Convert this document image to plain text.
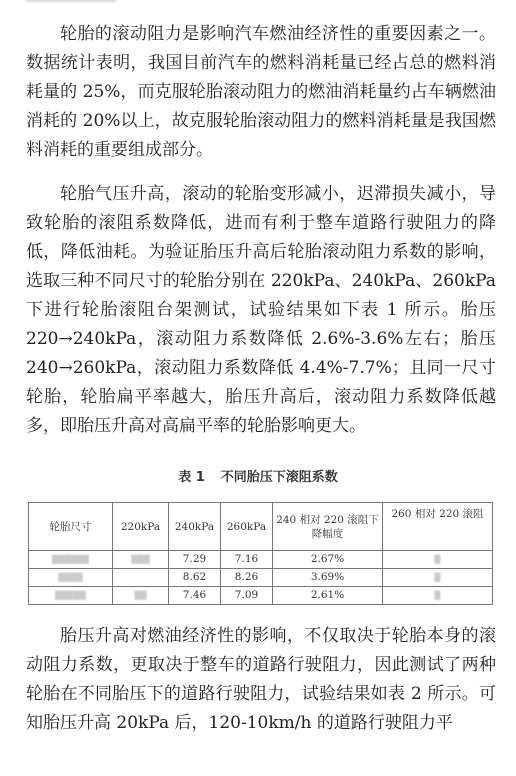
轮胎的滚动阻力是影响汽车燃油经济性的重要因素之一。数据统计表明，我国目前汽车的燃料消耗量已经占总的燃料消耗量的 25%，而克服轮胎滚动阻力的燃油消耗量约占车辆燃油消耗的 20%以上，故克服轮胎滚动阻力的燃料消耗量是我国燃料消耗的重要组成部分。

轮胎气压升高，滚动的轮胎变形减小，迟滞损失减小，导致轮胎的滚阻系数降低，进而有利于整车道路行驶阻力的降低，降低油耗。为验证胎压升高后轮胎滚动阻力系数的影响，选取三种不同尺寸的轮胎分别在 220kPa、240kPa、260kPa 下进行轮胎滚阻台架测试，试验结果如下表 1 所示。胎压 220→240kPa，滚动阻力系数降低 2.6%-3.6%左右；胎压 240→260kPa，滚动阻力系数降低 4.4%-7.7%；且同一尺寸轮胎，轮胎扁平率越大，胎压升高后，滚动阻力系数降低越多，即胎压升高对高扁平率的轮胎影响更大。

表 1 不同胎压下滚阻系数
轮胎尺寸	220kPa	240kPa	260kPa	240 相对 220 滚阻下降幅度	260 相对 220 滚阻
▒▒▒▒▒▒	▒▒▒	7.29	7.16	2.67%	▒
▒▒▒▒		8.62	8.26	3.69%	▒
▒▒▒▒▒	▒▒	7.46	7.09	2.61%	▒

胎压升高对燃油经济性的影响，不仅取决于轮胎本身的滚动阻力系数，更取决于整车的道路行驶阻力，因此测试了两种轮胎在不同胎压下的道路行驶阻力，试验结果如表 2 所示。可知胎压升高 20kPa 后，120-10km/h 的道路行驶阻力平
